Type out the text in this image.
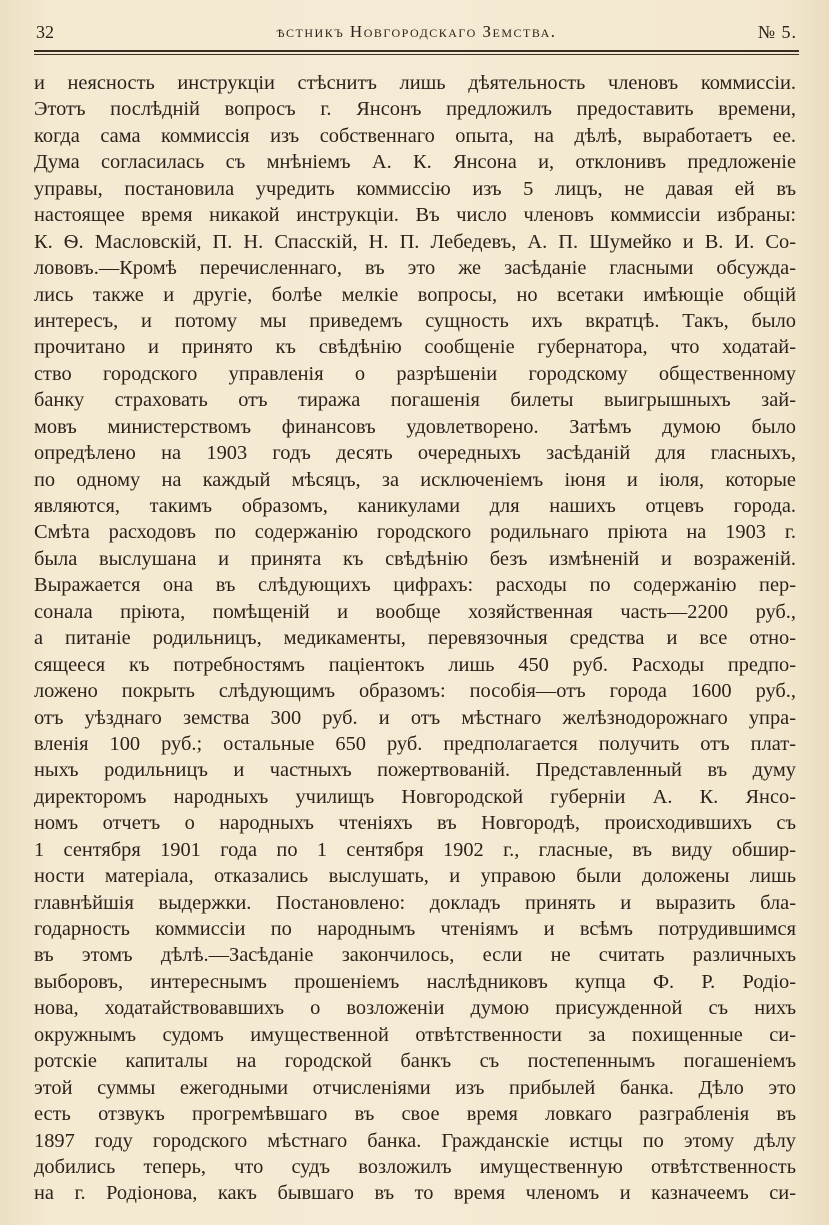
32	ѣстникъ Новгородскаго Земства.	№ 5.
и неясность инструкціи стѣснитъ лишь дѣятельность членовъ коммиссіи.
Этотъ послѣдній вопросъ г. Янсонъ предложилъ предоставить времени,
когда сама коммиссія изъ собственнаго опыта, на дѣлѣ, выработаетъ ее.
Дума согласилась съ мнѣніемъ А. К. Янсона и, отклонивъ предложеніе
управы, постановила учредить коммиссію изъ 5 лицъ, не давая ей въ
настоящее время никакой инструкціи. Въ число членовъ коммиссіи избраны:
К. Ѳ. Масловскій, П. Н. Спасскій, Н. П. Лебедевъ, А. П. Шумейко и В. И. Со-
лововъ.—Кромѣ перечисленнаго, въ это же засѣданіе гласными обсужда-
лись также и другіе, болѣе мелкіе вопросы, но всетаки имѣющіе общій
интересъ, и потому мы приведемъ сущность ихъ вкратцѣ. Такъ, было
прочитано и принято къ свѣдѣнію сообщеніе губернатора, что ходатай-
ство городского управленія о разрѣшеніи городскому общественному
банку страховать отъ тиража погашенія билеты выигрышныхъ зай-
мовъ министерствомъ финансовъ удовлетворено. Затѣмъ думою было
опредѣлено на 1903 годъ десять очередныхъ засѣданій для гласныхъ,
по одному на каждый мѣсяцъ, за исключеніемъ іюня и іюля, которые
являются, такимъ образомъ, каникулами для нашихъ отцевъ города.
Смѣта расходовъ по содержанію городского родильнаго пріюта на 1903 г.
была выслушана и принята къ свѣдѣнію безъ измѣненій и возраженій.
Выражается она въ слѣдующихъ цифрахъ: расходы по содержанію пер-
сонала пріюта, помѣщеній и вообще хозяйственная часть—2200 руб.,
а питаніе родильницъ, медикаменты, перевязочныя средства и все отно-
сящееся къ потребностямъ паціентокъ лишь 450 руб. Расходы предпо-
ложено покрыть слѣдующимъ образомъ: пособія—отъ города 1600 руб.,
отъ уѣзднаго земства 300 руб. и отъ мѣстнаго желѣзнодорожнаго упра-
вленія 100 руб.; остальные 650 руб. предполагается получить отъ плат-
ныхъ родильницъ и частныхъ пожертвованій. Представленный въ думу
директоромъ народныхъ училищъ Новгородской губерніи А. К. Янсо-
номъ отчетъ о народныхъ чтеніяхъ въ Новгородѣ, происходившихъ съ
1 сентября 1901 года по 1 сентября 1902 г., гласные, въ виду обшир-
ности матеріала, отказались выслушать, и управою были доложены лишь
главнѣйшія выдержки. Постановлено: докладъ принять и выразить бла-
годарность коммиссіи по народнымъ чтеніямъ и всѣмъ потрудившимся
въ этомъ дѣлѣ.—Засѣданіе закончилось, если не считать различныхъ
выборовъ, интереснымъ прошеніемъ наслѣдниковъ купца Ф. Р. Родіо-
нова, ходатайствовавшихъ о возложеніи думою присужденной съ нихъ
окружнымъ судомъ имущественной отвѣтственности за похищенные си-
ротскіе капиталы на городской банкъ съ постепеннымъ погашеніемъ
этой суммы ежегодными отчисленіями изъ прибылей банка. Дѣло это
есть отзвукъ прогремѣвшаго въ свое время ловкаго разграбленія въ
1897 году городского мѣстнаго банка. Гражданскіе истцы по этому дѣлу
добились теперь, что судъ возложилъ имущественную отвѣтственность
на г. Родіонова, какъ бывшаго въ то время членомъ и казначеемъ си-
